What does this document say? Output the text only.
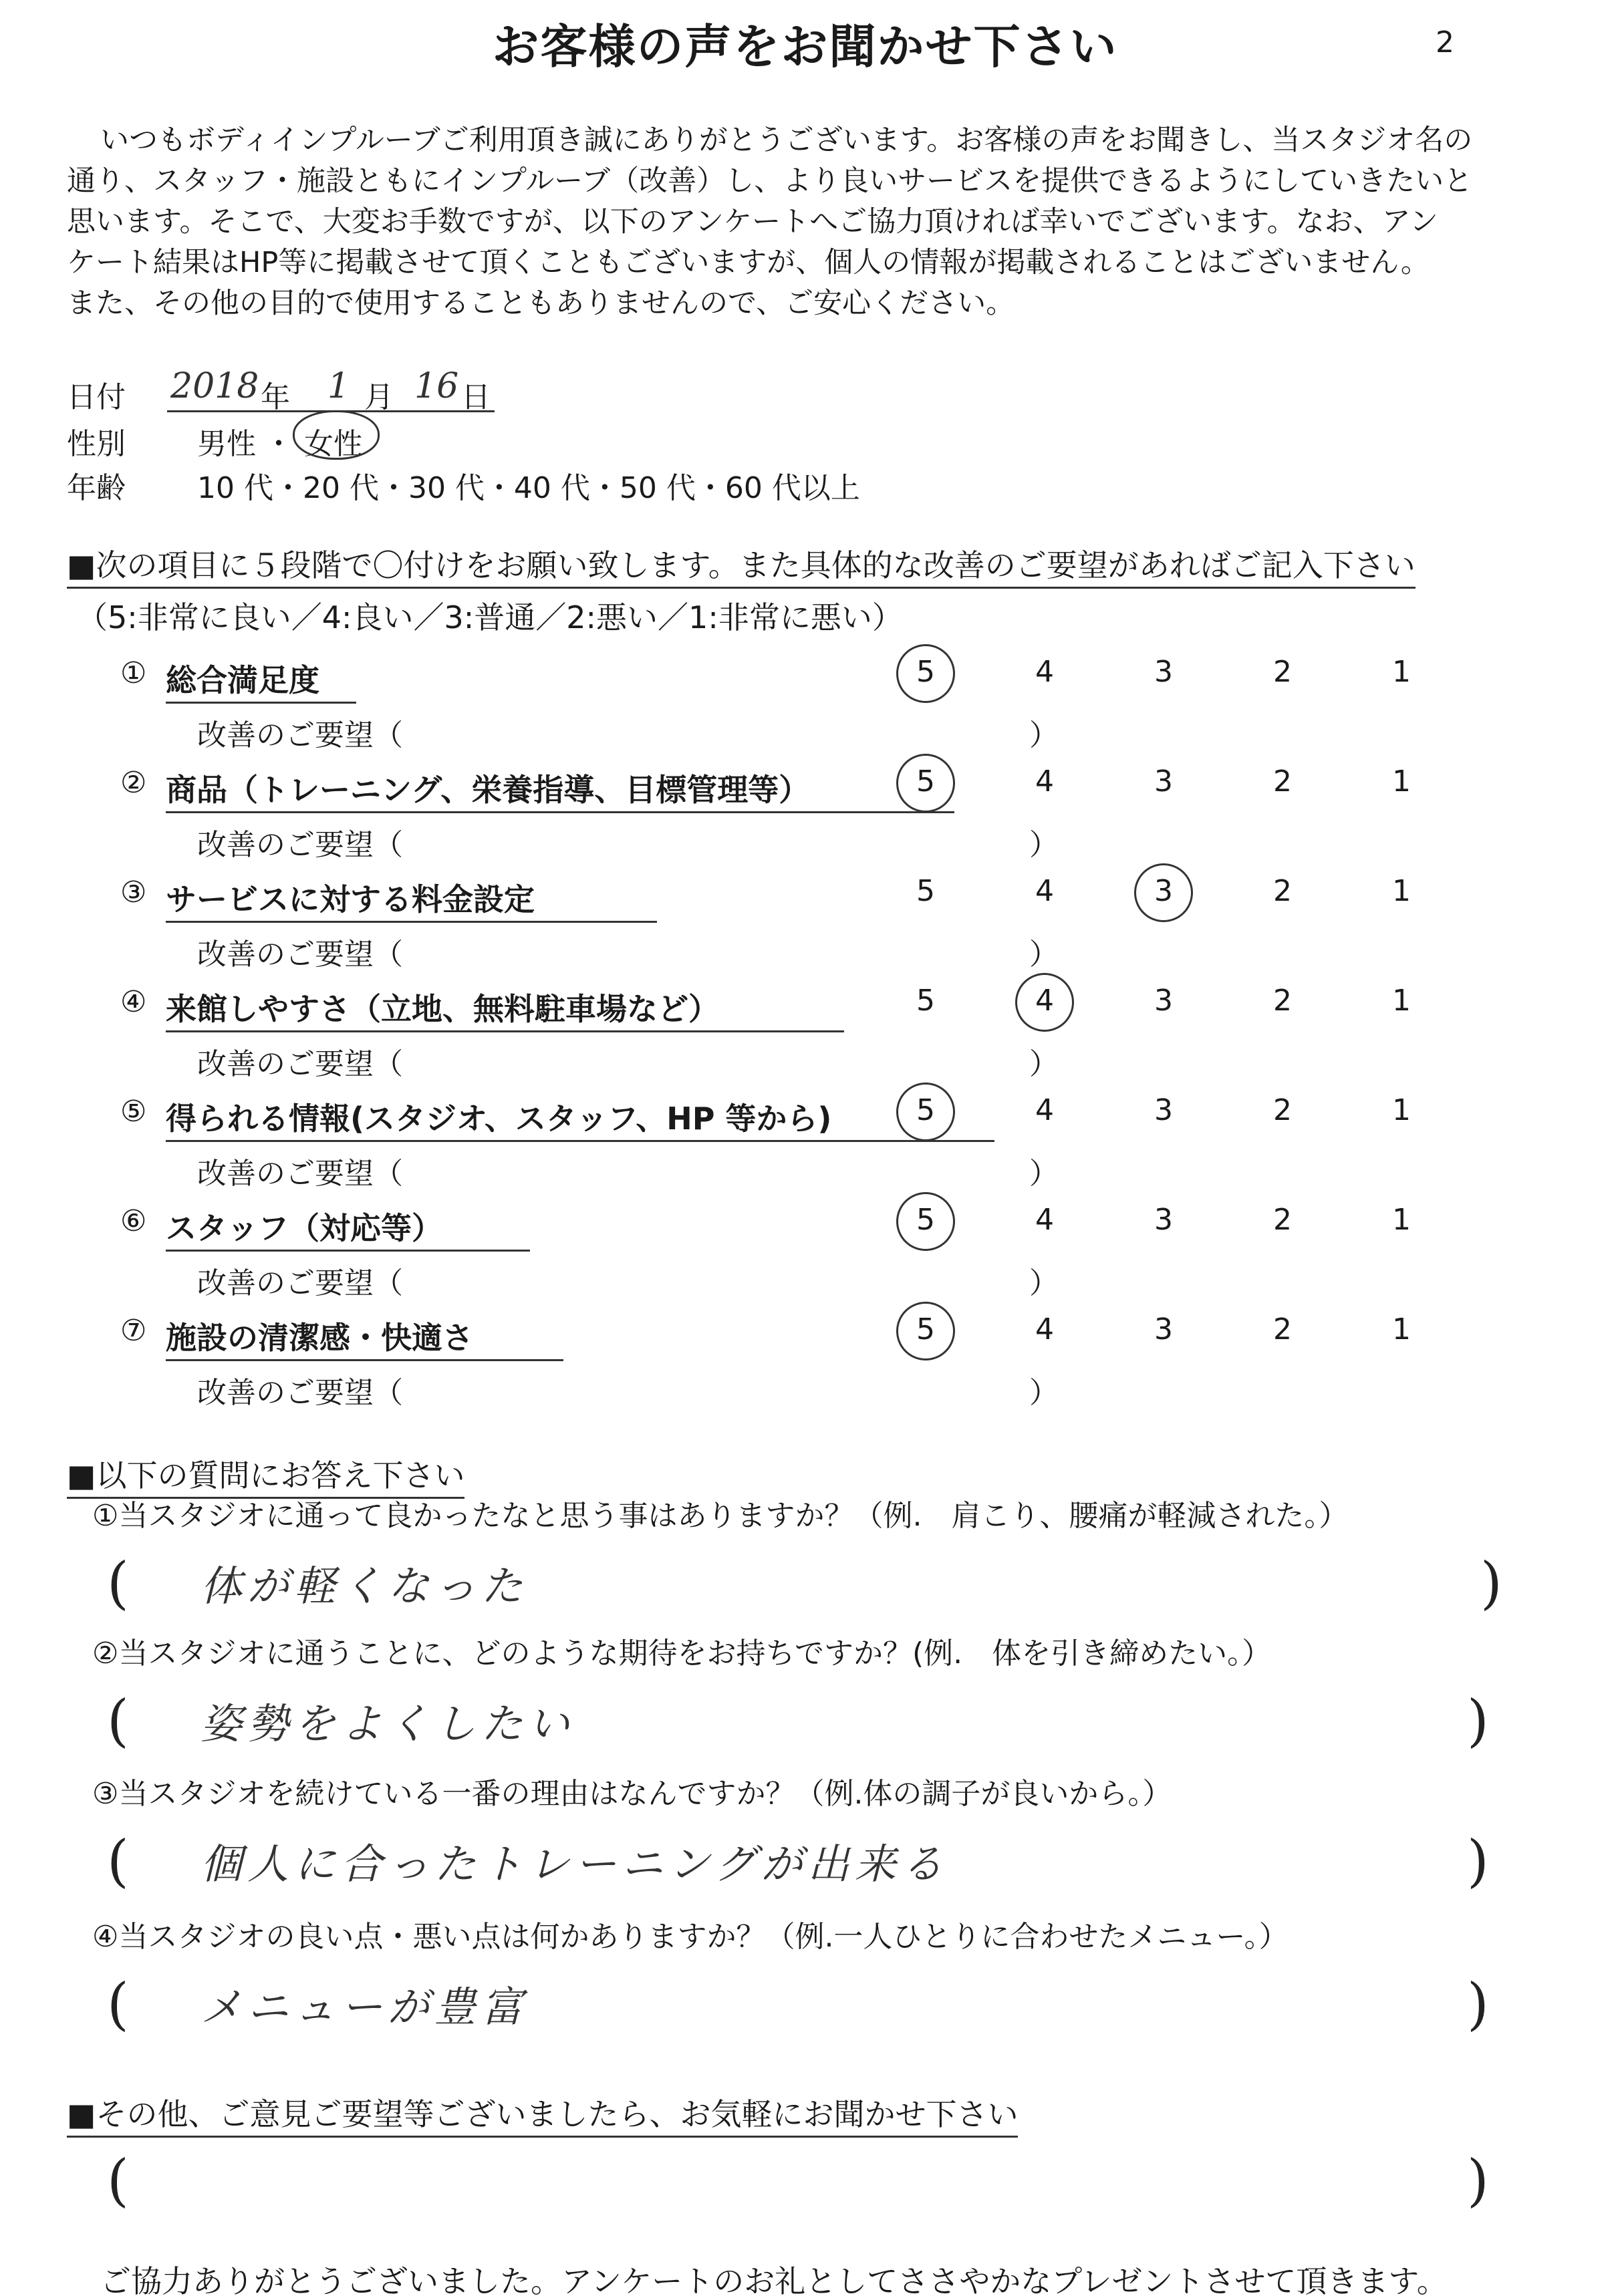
お客様の声をお聞かせ下さい	2

いつもボディインプルーブご利用頂き誠にありがとうございます。お客様の声をお聞きし、当スタジオ名の

通り、スタッフ・施設ともにインプルーブ（改善）し、より良いサービスを提供できるようにしていきたいと

思います。そこで、大変お手数ですが、以下のアンケートへご協力頂ければ幸いでございます。なお、アン

ケート結果はHP等に掲載させて頂くこともございますが、個人の情報が掲載されることはございません。

また、その他の目的で使用することもありませんので、ご安心ください。

日付 2018 年 1 月 16 日
性別 男性 ・ 女性
年齢 10 代・20 代・30 代・40 代・50 代・60 代以上
■次の項目に５段階で〇付けをお願い致します。また具体的な改善のご要望があればご記入下さい
（5:非常に良い／4:良い／3:普通／2:悪い／1:非常に悪い）
① 総合満足度	5	4	3	2	1
改善のご要望（	）
② 商品（トレーニング、栄養指導、目標管理等）	5	4	3	2	1
改善のご要望（	）
③ サービスに対する料金設定	5	4	3	2	1
改善のご要望（	）
④ 来館しやすさ（立地、無料駐車場など）	5	4	3	2	1
改善のご要望（	）
⑤ 得られる情報(スタジオ、スタッフ、HP 等から)	5	4	3	2	1
改善のご要望（	）
⑥ スタッフ（対応等）	5	4	3	2	1
改善のご要望（	）
⑦ 施設の清潔感・快適さ	5	4	3	2	1
改善のご要望（	）
■以下の質問にお答え下さい
①当スタジオに通って良かったなと思う事はありますか？（例.　肩こり、腰痛が軽減された。）
( 体が軽くなった	)
②当スタジオに通うことに、どのような期待をお持ちですか？(例.　体を引き締めたい。）
( 姿勢をよくしたい	)
③当スタジオを続けている一番の理由はなんですか？（例.体の調子が良いから。）
( 個人に合ったトレーニングが出来る	)
④当スタジオの良い点・悪い点は何かありますか？（例.一人ひとりに合わせたメニュー。）
( メニューが豊富	)
■その他、ご意見ご要望等ございましたら、お気軽にお聞かせ下さい
(	)
ご協力ありがとうございました。アンケートのお礼としてささやかなプレゼントさせて頂きます。
